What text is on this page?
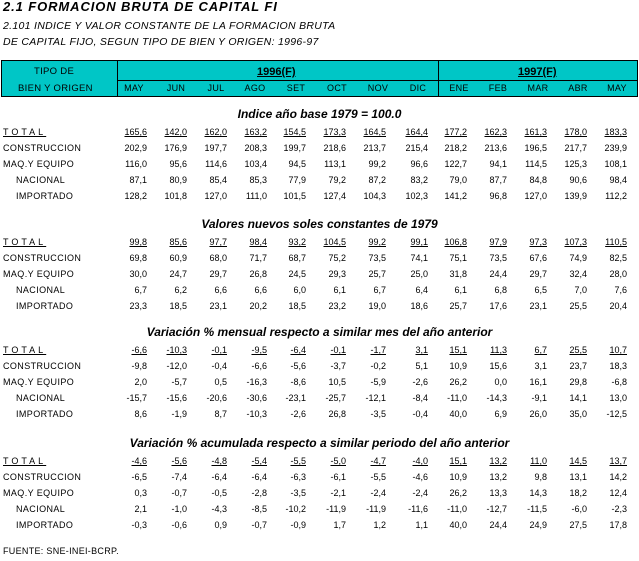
2.1 FORMACION BRUTA DE CAPITAL FI
2.101 INDICE Y VALOR CONSTANTE DE LA FORMACION BRUTA
DE CAPITAL FIJO, SEGUN TIPO DE BIEN Y ORIGEN: 1996-97
TIPO DE
BIEN Y ORIGEN
1996(F)	1997(F)
MAY	JUN	JUL	AGO	SET	OCT	NOV	DIC	ENE	FEB	MAR	ABR	MAY
Indice año base 1979 = 100.0
TOTAL	165,6	142,0	162,0	163,2	154,5	173,3	164,5	164,4	177,2	162,3	161,3	178,0	183,3
CONSTRUCCION	202,9	176,9	197,7	208,3	199,7	218,6	213,7	215,4	218,2	213,6	196,5	217,7	239,9
MAQ.Y EQUIPO	116,0	95,6	114,6	103,4	94,5	113,1	99,2	96,6	122,7	94,1	114,5	125,3	108,1
NACIONAL	87,1	80,9	85,4	85,3	77,9	79,2	87,2	83,2	79,0	87,7	84,8	90,6	98,4
IMPORTADO	128,2	101,8	127,0	111,0	101,5	127,4	104,3	102,3	141,2	96,8	127,0	139,9	112,2
Valores nuevos soles constantes de 1979
TOTAL	99,8	85,6	97,7	98,4	93,2	104,5	99,2	99,1	106,8	97,9	97,3	107,3	110,5
CONSTRUCCION	69,8	60,9	68,0	71,7	68,7	75,2	73,5	74,1	75,1	73,5	67,6	74,9	82,5
MAQ.Y EQUIPO	30,0	24,7	29,7	26,8	24,5	29,3	25,7	25,0	31,8	24,4	29,7	32,4	28,0
NACIONAL	6,7	6,2	6,6	6,6	6,0	6,1	6,7	6,4	6,1	6,8	6,5	7,0	7,6
IMPORTADO	23,3	18,5	23,1	20,2	18,5	23,2	19,0	18,6	25,7	17,6	23,1	25,5	20,4
Variación % mensual respecto a similar mes del año anterior
TOTAL	-6,6	-10,3	-0,1	-9,5	-6,4	-0,1	-1,7	3,1	15,1	11,3	6,7	25,5	10,7
CONSTRUCCION	-9,8	-12,0	-0,4	-6,6	-5,6	-3,7	-0,2	5,1	10,9	15,6	3,1	23,7	18,3
MAQ.Y EQUIPO	2,0	-5,7	0,5	-16,3	-8,6	10,5	-5,9	-2,6	26,2	0,0	16,1	29,8	-6,8
NACIONAL	-15,7	-15,6	-20,6	-30,6	-23,1	-25,7	-12,1	-8,4	-11,0	-14,3	-9,1	14,1	13,0
IMPORTADO	8,6	-1,9	8,7	-10,3	-2,6	26,8	-3,5	-0,4	40,0	6,9	26,0	35,0	-12,5
Variación % acumulada respecto a similar periodo del año anterior
TOTAL	-4,6	-5,6	-4,8	-5,4	-5,5	-5,0	-4,7	-4,0	15,1	13,2	11,0	14,5	13,7
CONSTRUCCION	-6,5	-7,4	-6,4	-6,4	-6,3	-6,1	-5,5	-4,6	10,9	13,2	9,8	13,1	14,2
MAQ.Y EQUIPO	0,3	-0,7	-0,5	-2,8	-3,5	-2,1	-2,4	-2,4	26,2	13,3	14,3	18,2	12,4
NACIONAL	2,1	-1,0	-4,3	-8,5	-10,2	-11,9	-11,9	-11,6	-11,0	-12,7	-11,5	-6,0	-2,3
IMPORTADO	-0,3	-0,6	0,9	-0,7	-0,9	1,7	1,2	1,1	40,0	24,4	24,9	27,5	17,8
FUENTE: SNE-INEI-BCRP.
